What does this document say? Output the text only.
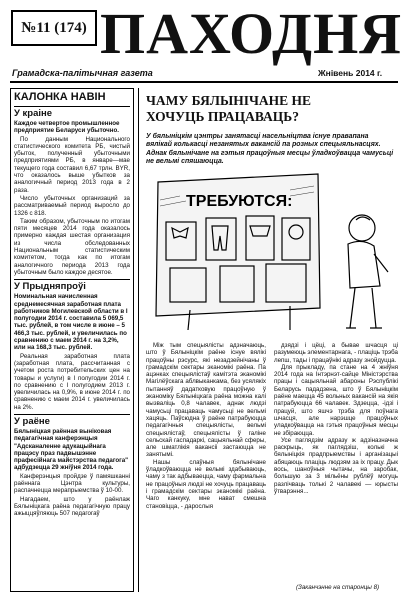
№11 (174) ПАХОДНЯ
Грамадска-палітычная газета	Жнівень 2014 г.
КАЛОНКА НАВІН
У краіне
Каждое четвертое промышленное предприятие Беларуси убыточно.

По данным Национального статистического комитета РБ, чистый убыток, полученный убыточными предприятиями РБ, в январе—мае текущего года составил 6,67 трлн. BYR, что оказалось выше убытков за аналогичный период 2013 года в 2 раза.

Число убыточных организаций за рассматриваемый период выросло до 1326 с 818.

Таким образом, убыточным по итогам пяти месяцев 2014 года оказалось примерно каждая шестая организация из числа обследованных Национальным статистическим комитетом, тогда как по итогам аналогичного периода 2013 года убыточным было каждое десятое.

У Прыдняпроўі
Номинальная начисленная среднемесячная заработная плата работников Могилевской области в I полугодии 2014 г. составила 5 069,5 тыс. рублей, в том числе в июне – 5 466,3 тыс. рублей, и увеличилась по сравнению с маем 2014 г. на 3,2%, или на 168,3 тыс. рублей.

Реальная заработная плата (заработная плата, рассчитанная с учетом роста потребительских цен на товары и услуги) в I полугодии 2014 г. по сравнению с I полугодием 2013 г. увеличилась на 0,9%, в июне 2014 г. по сравнению с маем 2014 г. увеличилась на 2%.

У раёне
Бялыніцкая раённая выніковая педагагічная канферэнцыя "Адсканаленне адукацыйнага працэсу праз падвышэнне прафесійнага майстэрства педагога" адбудзецца 29 жніўня 2014 года.

Канферэнцыя пройдзе ў памяшканні раённага Цэнтра культуры, распачнецца мерапрыемства ў 10-00.

Нагадаем, што у раёнлаж Бялыніцкага раёна педагагічную працу ажыццяўляюць 507 педагогаў

ЧАМУ БЯЛЫНІЧАНЕ НЕ ХОЧУЦЬ ПРАЦАВАЦЬ?
У бялыніцкім цэнтры занятасці насельніцтва існуе правапана вялікай колькасці незанятых вакансій па розных спецыяльнасцях. Аднак бялынічане на гэтыя працоўныя месцы ўладкоўвацца чамусьці не вельмі спяшаюцца.
ТРЕБУЮТСЯ:

Між тым спецыялісты адзначаюць, што ў Бялыніцкім раёне існуе вялікі працоўны рэсурс, які незадзейнічаны ў грамадскім сектары эканомікі раёна. Па ацэнках спецыялістаў камітэта эканомікі Магілёўскага аблвыканкама, без усялякіх пытанняў дадатковую працоўную ў эканоміку Бялыніцкага раёна можна калі вызваліць 0,8 чалавек, аднак людзі чамусьці працаваць чамусьці не вельмі хацяць. Паўсюдна ў раёне патрабуюцца педагагічныя спецыялісты, вельмі спецыялістаў, спецыялісты ў галіне сельскай гаспадаркі, сацыяльнай сферы, але шматлікія вакансіі застаюцца не занятымі.

Нашы слаўныя бялынічане ўладкоўваюцца не вельмі здабываюць, чаму з так адбываецца, чаму фармальна не працоўныя людзі не хочуць працаваць і грамадскім сектары эканомікі раёна. Чаго канкуку, мне нават смешна становіцца, - дарослыя

дзядзі і цёці, а бывае шчасця ці разумеюць элементарнага, - плаціць трэба лепш, тады і працаўнікі адразу знойдуцца.

Для прыкладу, па стане на 4 жніўня 2014 года на Інтэрнэт-сайце Міністэрства працы і сацыяльнай абароны Рэспублікі Беларусь пададзена, што ў Бялыніцкім раёне маецца 45 вольных вакансій на якія патрабуюцца 66 чалавек. Здзецца, -ідзі і працуй, што яшчэ трэба для поўнага шчасця, але нарэшце працоўных уладкоўвацца на гэтыя працоўныя месцы не збіраюцца.

Усе паглядзім адразу ж адзіназначна раскрыць, як паглядзіш, колькі ж бялыніцкія прадпрыемствы і арганізацыі абяцаюць плаціць людзям за іх працу. Дык вось, шаноўныя чытачы, на заробак, большую за 3 мільёны рублёў могуць разлічваць толькі 2 чалавекі — юрысты ўтварэння...

(Заканчэнне на старонцы 8)
